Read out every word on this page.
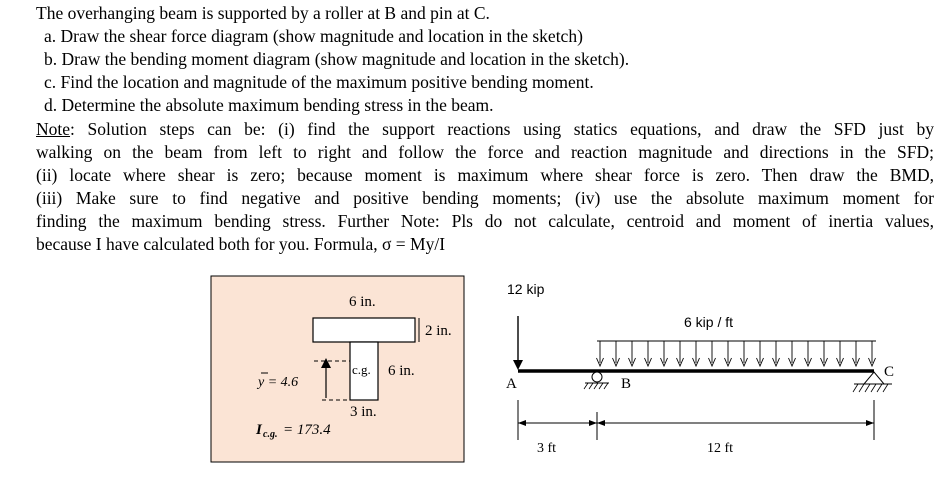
The overhanging beam is supported by a roller at B and pin at C.
a. Draw the shear force diagram (show magnitude and location in the sketch)
b. Draw the bending moment diagram (show magnitude and location in the sketch).
c. Find the location and magnitude of the maximum positive bending moment.
d. Determine the absolute maximum bending stress in the beam.
Note: Solution steps can be: (i) find the support reactions using statics equations, and draw the SFD just by
walking on the beam from left to right and follow the force and reaction magnitude and directions in the SFD;
(ii) locate where shear is zero; because moment is maximum where shear force is zero. Then draw the BMD,
(iii) Make sure to find negative and positive bending moments; (iv) use the absolute maximum moment for
finding the maximum bending stress. Further Note: Pls do not calculate, centroid and moment of inertia values,
because I have calculated both for you. Formula, σ = My/I
6 in.
2 in.
c.g. 6 in.
3 in.
y = 4.6
I c.g. = 173.4
12 kip
6 kip / ft
A	B
C
3 ft	12 ft
